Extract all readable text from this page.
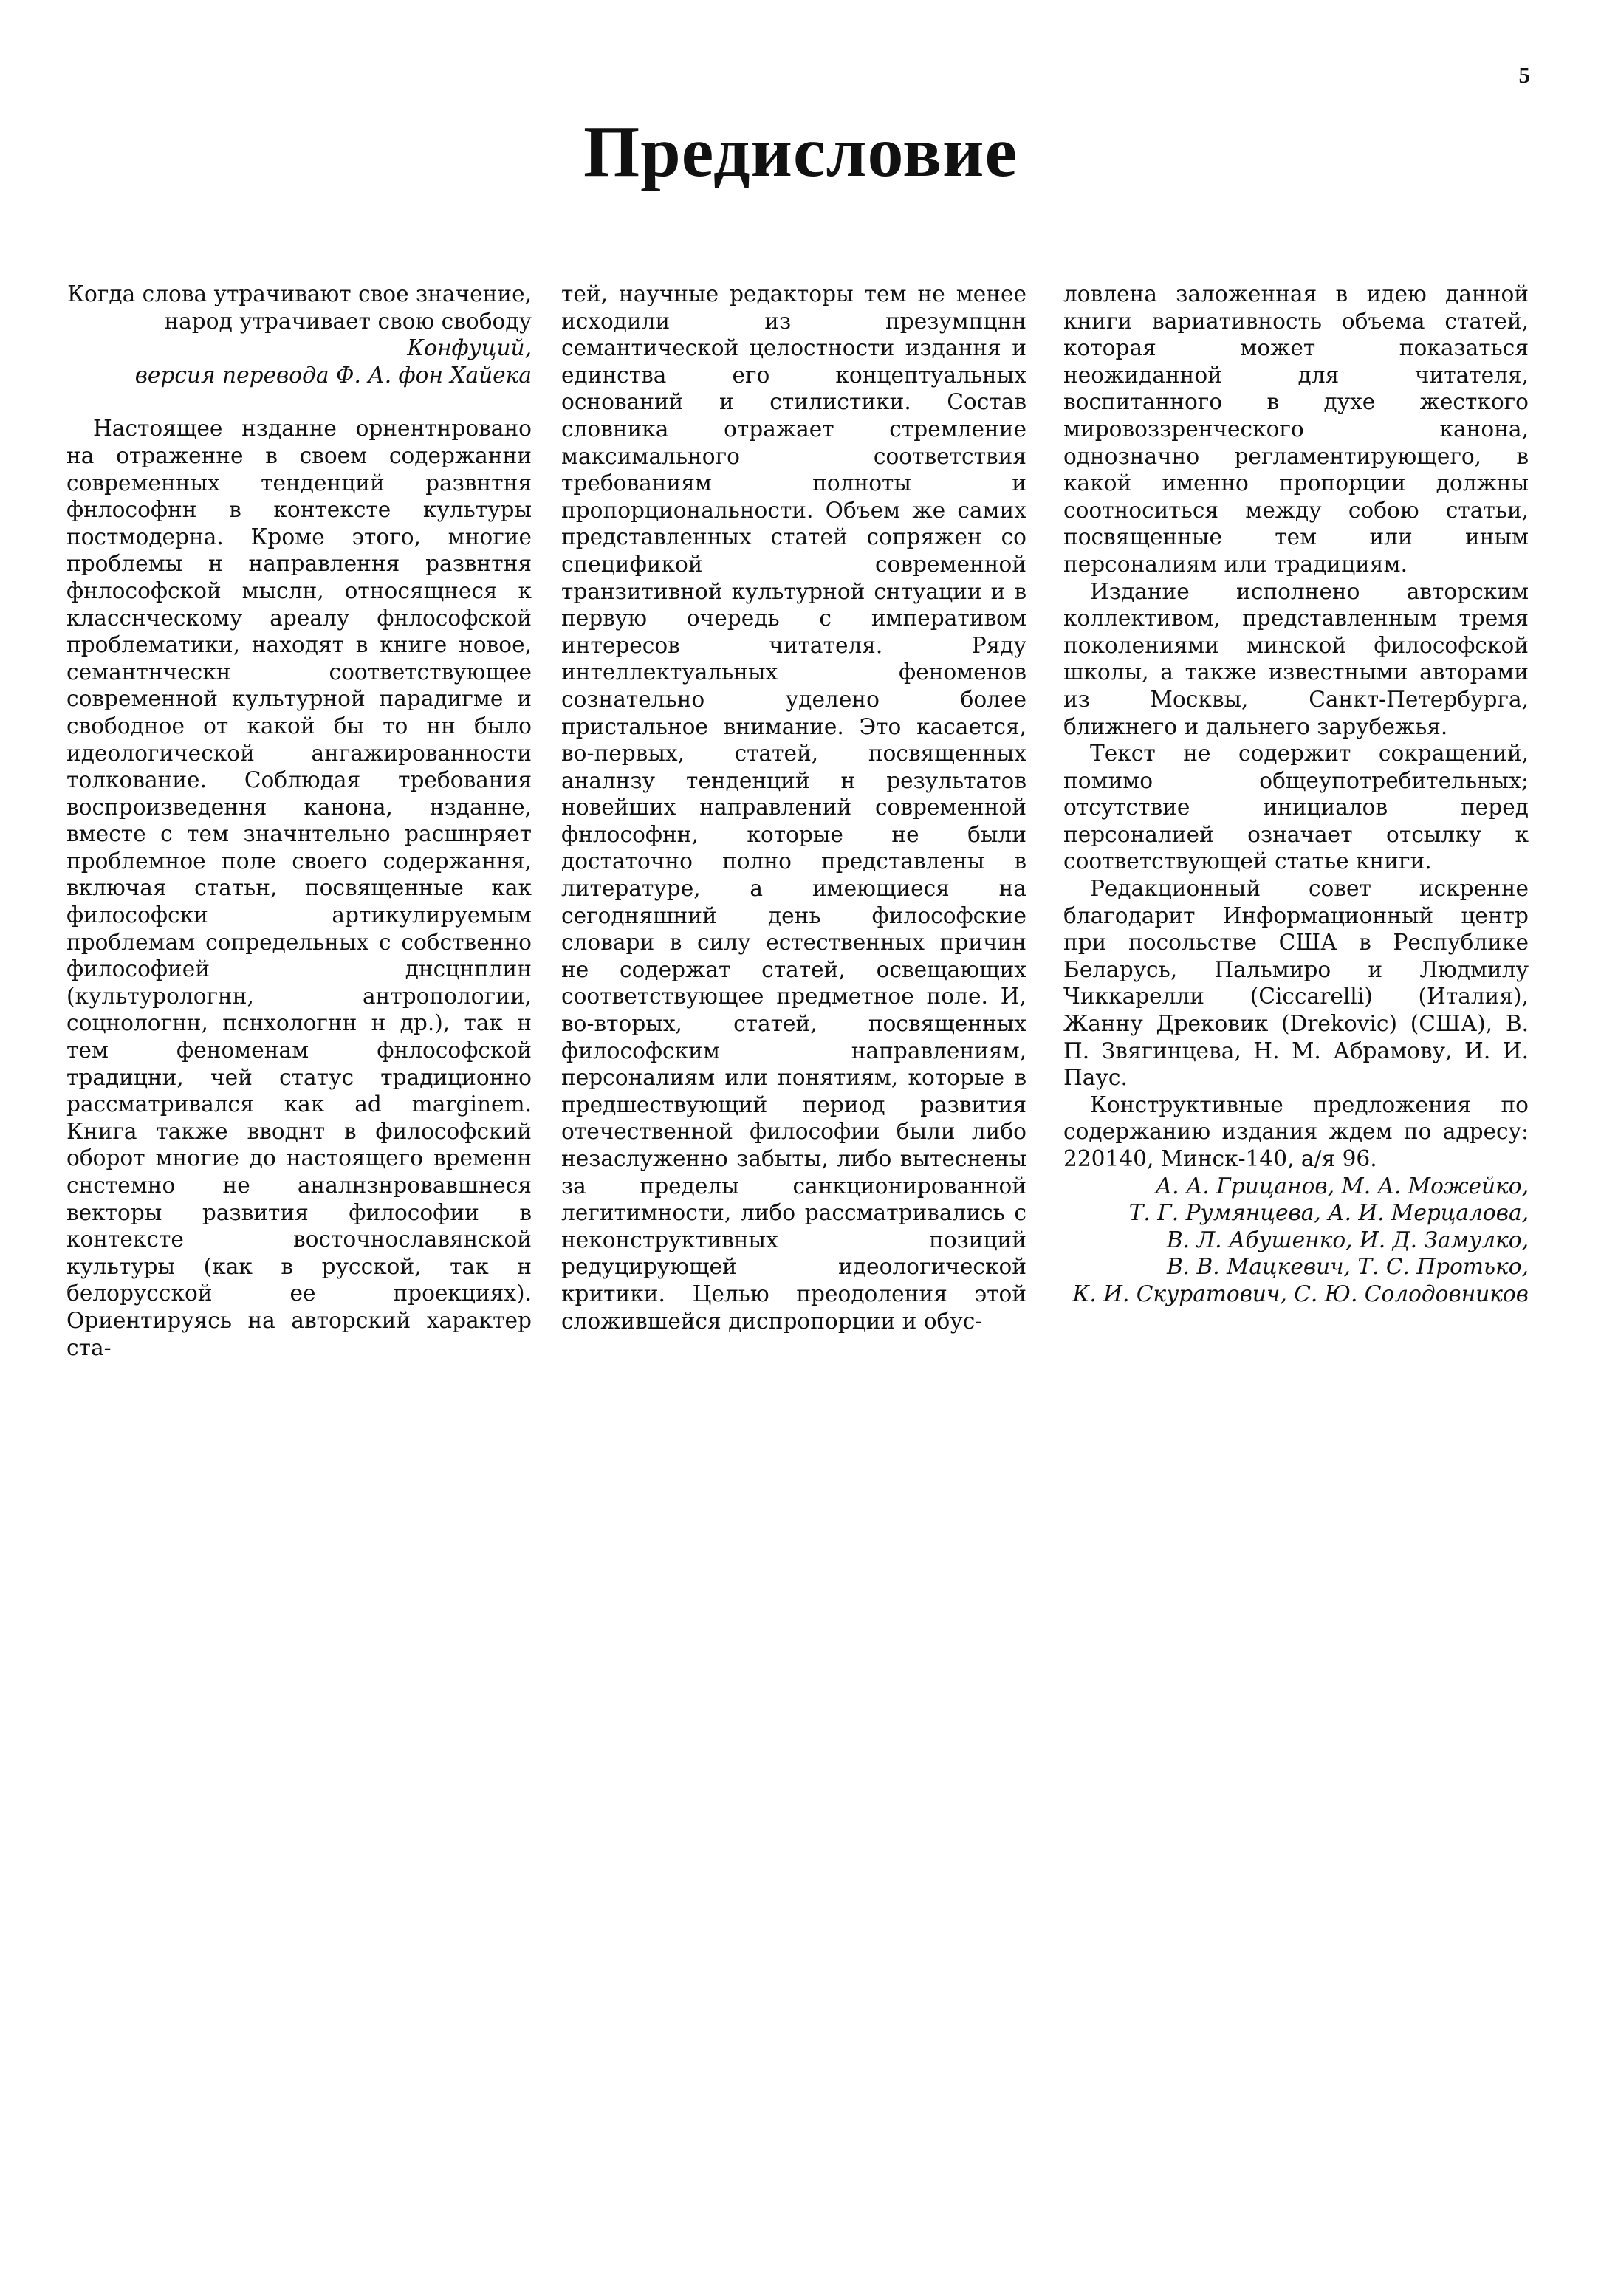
5
Предисловие
Когда слова утрачивают свое значение,
народ утрачивает свою свободу
Конфуций,
версия перевода Ф. А. фон Хайека

Настоящее нзданне орнентнровано на отраженне в своем содержанни современных тенденций развнтня фнлософнн в контексте культуры постмодерна. Кроме этого, многие проблемы н направлення развнтня фнлософской мыслн, относящнеся к класснческому ареалу фнлософской проблематики, находят в книге новое, семантнческн соответствующее современной культурной парадигме и свободное от какой бы то нн было идеологической ангажированности толкование. Соблюдая требования воспроизведення канона, нзданне, вместе с тем значнтельно расшнряет проблемное поле своего содержання, включая статьн, посвященные как философски артикулируемым проблемам сопредельных с собственно философией днсцнплин (культурологнн, антропологии, соцнологнн, пснхологнн н др.), так н тем феноменам фнлософской традицни, чей статус традиционно рассматривался как ad marginem. Книга также вводнт в философский оборот многие до настоящего временн снстемно не аналнзнровавшнеся векторы развития философии в контексте восточнославянской культуры (как в русской, так н белорусской ее проекциях). Ориентируясь на авторский характер ста-

тей, научные редакторы тем не менее исходили из презумпцнн семантической целостности издання и единства его концептуальных оснований и стилистики. Состав словника отражает стремление максимального соответствия требованиям полноты и пропорциональности. Объем же самих представленных статей сопряжен со спецификой современной транзитивной культурной снтуации и в первую очередь с императивом интересов читателя. Ряду интеллектуальных феноменов сознательно уделено более пристальное внимание. Это касается, во-первых, статей, посвященных аналнзу тенденций н результатов новейших направлений современной фнлософнн, которые не были достаточно полно представлены в литературе, а имеющиеся на сегодняшний день философские словари в силу естественных причин не содержат статей, освещающих соответствующее предметное поле. И, во-вторых, статей, посвященных философским направлениям, персоналиям или понятиям, которые в предшествующий период развития отечественной философии были либо незаслуженно забыты, либо вытеснены за пределы санкционированной легитимности, либо рассматривались с неконструктивных позиций редуцирующей идеологической критики. Целью преодоления этой сложившейся диспропорции и обус-

ловлена заложенная в идею данной книги вариативность объема статей, которая может показаться неожиданной для читателя, воспитанного в духе жесткого мировоззренческого канона, однозначно регламентирующего, в какой именно пропорции должны соотноситься между собою статьи, посвященные тем или иным персоналиям или традициям.

Издание исполнено авторским коллективом, представленным тремя поколениями минской философской школы, а также известными авторами из Москвы, Санкт-Петербурга, ближнего и дальнего зарубежья.

Текст не содержит сокращений, помимо общеупотребительных; отсутствие инициалов перед персоналией означает отсылку к соответствующей статье книги.

Редакционный совет искренне благодарит Информационный центр при посольстве США в Республике Беларусь, Пальмиро и Людмилу Чиккарелли (Ciccarelli) (Италия), Жанну Дрековик (Drekovic) (США), В. П. Звягинцева, Н. М. Абрамову, И. И. Паус.

Конструктивные предложения по содержанию издания ждем по адресу: 220140, Минск-140, а/я 96.

А. А. Грицанов, М. А. Можейко,
Т. Г. Румянцева, А. И. Мерцалова,
В. Л. Абушенко, И. Д. Замулко,
В. В. Мацкевич, Т. С. Протько,
К. И. Скуратович, С. Ю. Солодовников
